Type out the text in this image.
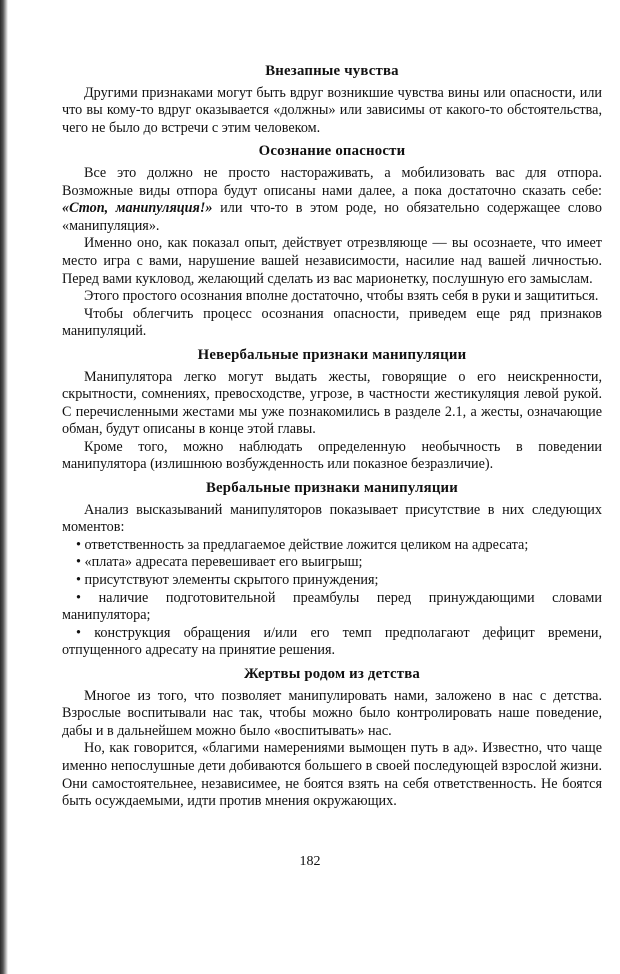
Внезапные чувства

Другими признаками могут быть вдруг возникшие чувства вины или опасности, или что вы кому-то вдруг оказывается «должны» или зависимы от какого-то обстоятельства, чего не было до встречи с этим человеком.

Осознание опасности

Все это должно не просто настораживать, а мобилизовать вас для отпора. Возможные виды отпора будут описаны нами далее, а пока достаточно сказать себе: «Стоп, манипуляция!» или что-то в этом роде, но обязательно содержащее слово «манипуляция».

Именно оно, как показал опыт, действует отрезвляюще — вы осознаете, что имеет место игра с вами, нарушение вашей независимости, насилие над вашей личностью. Перед вами кукловод, желающий сделать из вас марионетку, послушную его замыслам.

Этого простого осознания вполне достаточно, чтобы взять себя в руки и защититься.

Чтобы облегчить процесс осознания опасности, приведем еще ряд признаков манипуляций.

Невербальные признаки манипуляции

Манипулятора легко могут выдать жесты, говорящие о его неискренности, скрытности, сомнениях, превосходстве, угрозе, в частности жестикуляция левой рукой. С перечисленными жестами мы уже познакомились в разделе 2.1, а жесты, означающие обман, будут описаны в конце этой главы.

Кроме того, можно наблюдать определенную необычность в поведении манипулятора (излишнюю возбужденность или показное безразличие).

Вербальные признаки манипуляции

Анализ высказываний манипуляторов показывает присутствие в них следующих моментов:

• ответственность за предлагаемое действие ложится целиком на адресата;

• «плата» адресата перевешивает его выигрыш;

• присутствуют элементы скрытого принуждения;

• наличие подготовительной преамбулы перед принуждающими словами манипулятора;

• конструкция обращения и/или его темп предполагают дефицит времени, отпущенного адресату на принятие решения.

Жертвы родом из детства

Многое из того, что позволяет манипулировать нами, заложено в нас с детства. Взрослые воспитывали нас так, чтобы можно было контролировать наше поведение, дабы и в дальнейшем можно было «воспитывать» нас.

Но, как говорится, «благими намерениями вымощен путь в ад». Известно, что чаще именно непослушные дети добиваются большего в своей последующей взрослой жизни. Они самостоятельнее, независимее, не боятся взять на себя ответственность. Не боятся быть осуждаемыми, идти против мнения окружающих.

182
